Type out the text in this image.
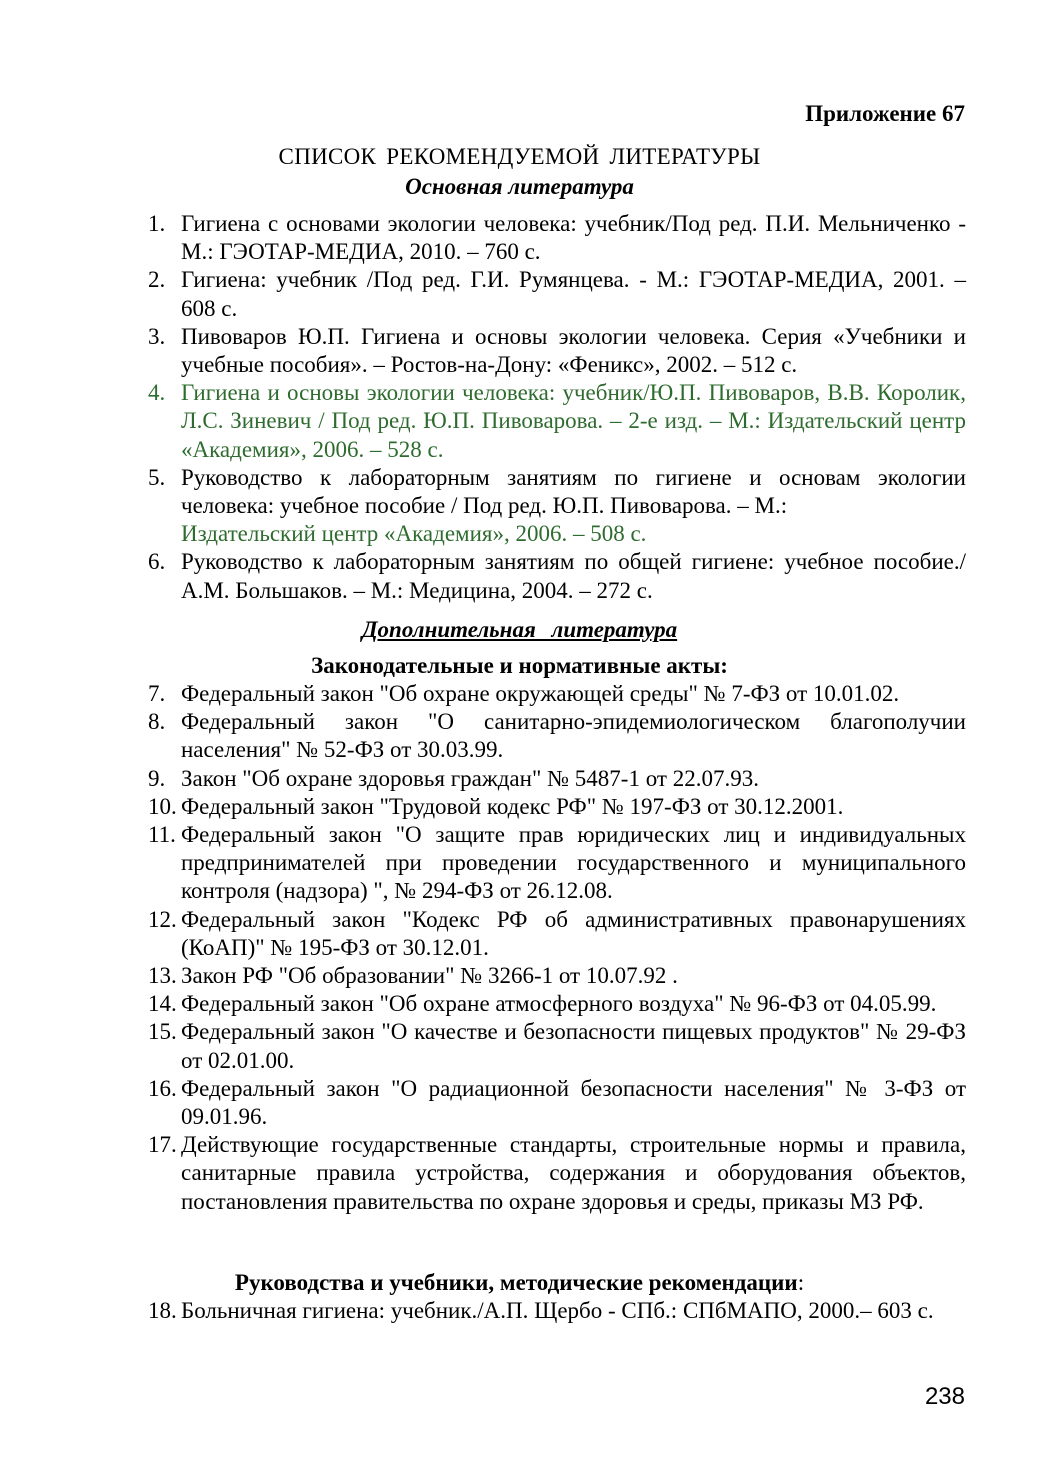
Приложение 67
СПИСОК РЕКОМЕНДУЕМОЙ ЛИТЕРАТУРЫ
Основная литература
1. Гигиена с основами экологии человека: учебник/Под ред. П.И. Мельниченко - М.: ГЭОТАР-МЕДИА, 2010. – 760 с.
2. Гигиена: учебник /Под ред. Г.И. Румянцева. - М.: ГЭОТАР-МЕДИА, 2001. – 608 с.
3. Пивоваров Ю.П. Гигиена и основы экологии человека. Серия «Учебники и учебные пособия». – Ростов-на-Дону: «Феникс», 2002. – 512 с.
4. Гигиена и основы экологии человека: учебник/Ю.П. Пивоваров, В.В. Королик, Л.С. Зиневич / Под ред. Ю.П. Пивоварова. – 2-е изд. – М.: Издательский центр «Академия», 2006. – 528 с.
5. Руководство к лабораторным занятиям по гигиене и основам экологии человека: учебное пособие / Под ред. Ю.П. Пивоварова. – М.:
Издательский центр «Академия», 2006. – 508 с.
6. Руководство к лабораторным занятиям по общей гигиене: учебное пособие./ А.М. Большаков. – М.: Медицина, 2004. – 272 с.
Дополнительная литература
Законодательные и нормативные акты:
7. Федеральный закон "Об охране окружающей среды" № 7-ФЗ от 10.01.02.
8. Федеральный закон "О санитарно-эпидемиологическом благополучии населения" № 52-ФЗ от 30.03.99.
9. Закон "Об охране здоровья граждан" № 5487-1 от 22.07.93.
10. Федеральный закон "Трудовой кодекс РФ" № 197-ФЗ от 30.12.2001.
11. Федеральный закон "О защите прав юридических лиц и индивидуальных предпринимателей при проведении государственного и муниципального контроля (надзора) ", № 294-ФЗ от 26.12.08.
12. Федеральный закон "Кодекс РФ об административных правонарушениях (КоАП)" № 195-ФЗ от 30.12.01.
13. Закон РФ "Об образовании" № 3266-1 от 10.07.92 .
14. Федеральный закон "Об охране атмосферного воздуха" № 96-ФЗ от 04.05.99.
15. Федеральный закон "О качестве и безопасности пищевых продуктов" № 29-ФЗ от 02.01.00.
16. Федеральный закон "О радиационной безопасности населения" № 3-ФЗ от 09.01.96.
17. Действующие государственные стандарты, строительные нормы и правила, санитарные правила устройства, содержания и оборудования объектов, постановления правительства по охране здоровья и среды, приказы МЗ РФ.
Руководства и учебники, методические рекомендации:
18. Больничная гигиена: учебник./А.П. Щербо - СПб.: СПбМАПО, 2000.– 603 с.
238
